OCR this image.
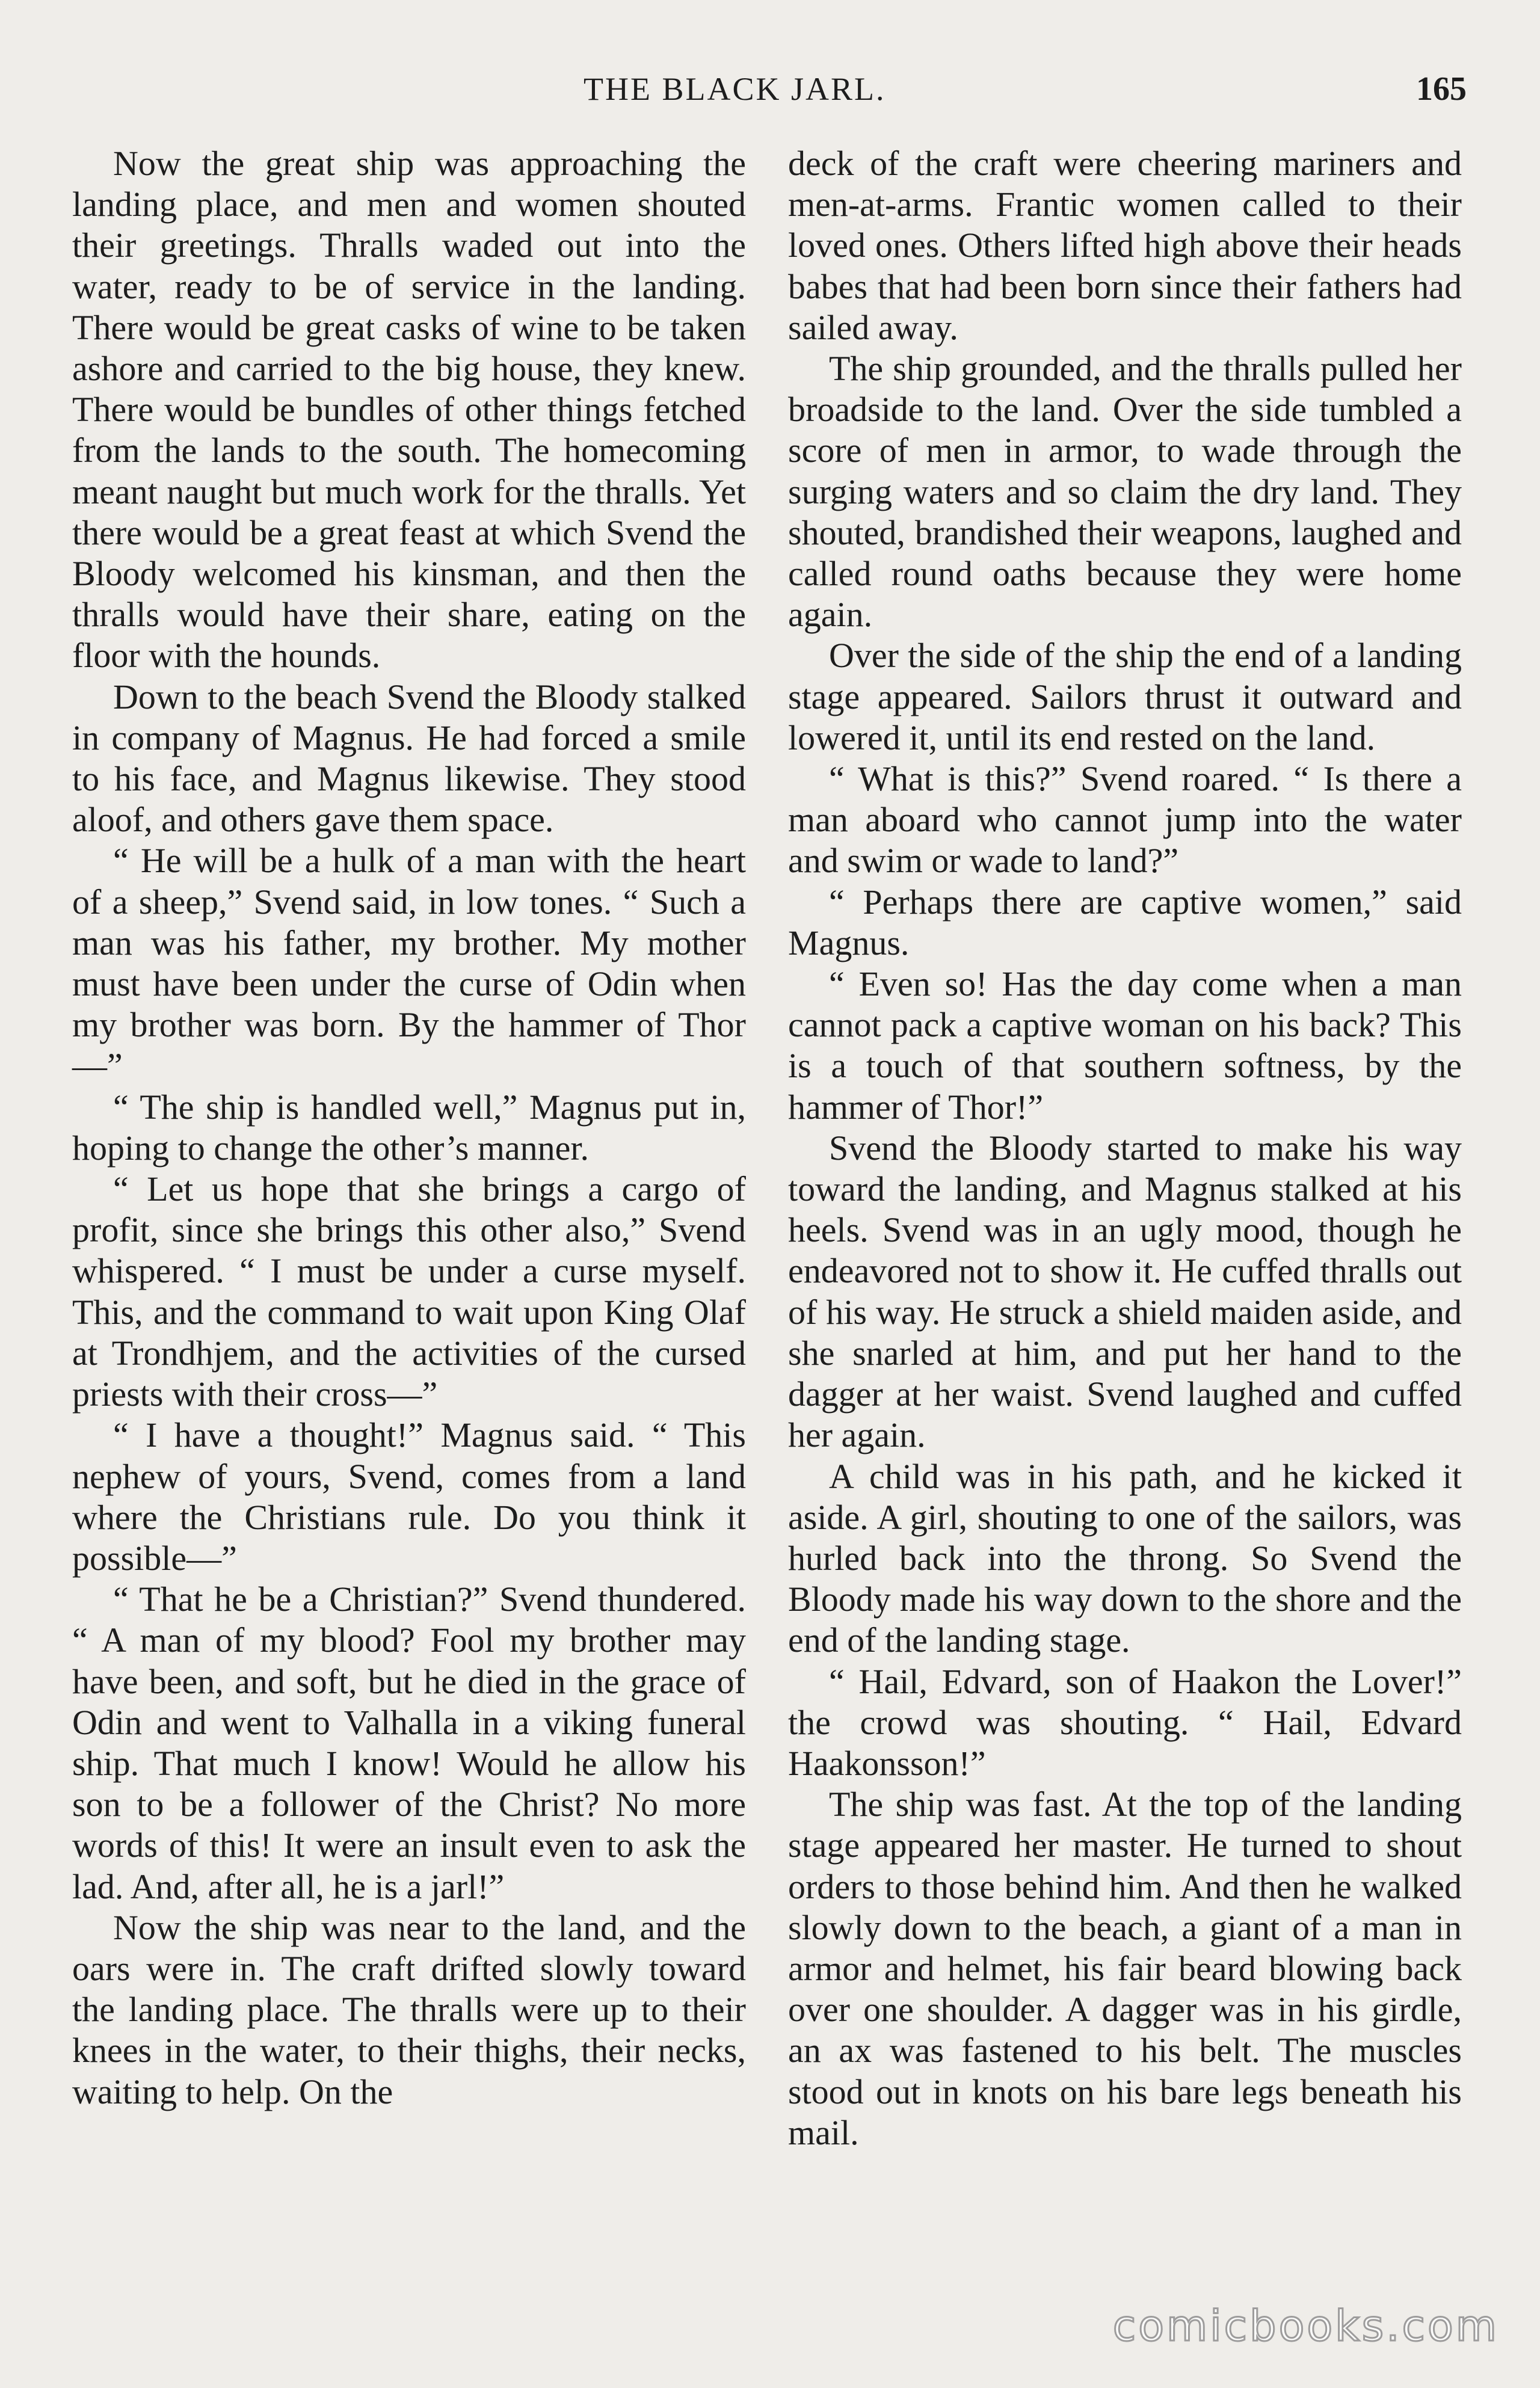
THE BLACK JARL.	165

Now the great ship was approaching the landing place, and men and women shouted their greetings. Thralls waded out into the water, ready to be of service in the landing. There would be great casks of wine to be taken ashore and carried to the big house, they knew. There would be bundles of other things fetched from the lands to the south. The homecoming meant naught but much work for the thralls. Yet there would be a great feast at which Svend the Bloody welcomed his kinsman, and then the thralls would have their share, eating on the floor with the hounds.

Down to the beach Svend the Bloody stalked in company of Magnus. He had forced a smile to his face, and Magnus likewise. They stood aloof, and others gave them space.

“ He will be a hulk of a man with the heart of a sheep,” Svend said, in low tones. “ Such a man was his father, my brother. My mother must have been under the curse of Odin when my brother was born. By the hammer of Thor—”

“ The ship is handled well,” Magnus put in, hoping to change the other’s manner.

“ Let us hope that she brings a cargo of profit, since she brings this other also,” Svend whispered. “ I must be under a curse myself. This, and the command to wait upon King Olaf at Trondhjem, and the activities of the cursed priests with their cross—”

“ I have a thought!” Magnus said. “ This nephew of yours, Svend, comes from a land where the Christians rule. Do you think it possible—”

“ That he be a Christian?” Svend thundered. “ A man of my blood? Fool my brother may have been, and soft, but he died in the grace of Odin and went to Valhalla in a viking funeral ship. That much I know! Would he allow his son to be a follower of the Christ? No more words of this! It were an insult even to ask the lad. And, after all, he is a jarl!”

Now the ship was near to the land, and the oars were in. The craft drifted slowly toward the landing place. The thralls were up to their knees in the water, to their thighs, their necks, waiting to help. On the

deck of the craft were cheering mariners and men-at-arms. Frantic women called to their loved ones. Others lifted high above their heads babes that had been born since their fathers had sailed away.

The ship grounded, and the thralls pulled her broadside to the land. Over the side tumbled a score of men in armor, to wade through the surging waters and so claim the dry land. They shouted, brandished their weapons, laughed and called round oaths because they were home again.

Over the side of the ship the end of a landing stage appeared. Sailors thrust it outward and lowered it, until its end rested on the land.

“ What is this?” Svend roared. “ Is there a man aboard who cannot jump into the water and swim or wade to land?”

“ Perhaps there are captive women,” said Magnus.

“ Even so! Has the day come when a man cannot pack a captive woman on his back? This is a touch of that southern softness, by the hammer of Thor!”

Svend the Bloody started to make his way toward the landing, and Magnus stalked at his heels. Svend was in an ugly mood, though he endeavored not to show it. He cuffed thralls out of his way. He struck a shield maiden aside, and she snarled at him, and put her hand to the dagger at her waist. Svend laughed and cuffed her again.

A child was in his path, and he kicked it aside. A girl, shouting to one of the sailors, was hurled back into the throng. So Svend the Bloody made his way down to the shore and the end of the landing stage.

“ Hail, Edvard, son of Haakon the Lover!” the crowd was shouting. “ Hail, Edvard Haakonsson!”

The ship was fast. At the top of the landing stage appeared her master. He turned to shout orders to those behind him. And then he walked slowly down to the beach, a giant of a man in armor and helmet, his fair beard blowing back over one shoulder. A dagger was in his girdle, an ax was fastened to his belt. The muscles stood out in knots on his bare legs beneath his mail.

comicbooks.com
